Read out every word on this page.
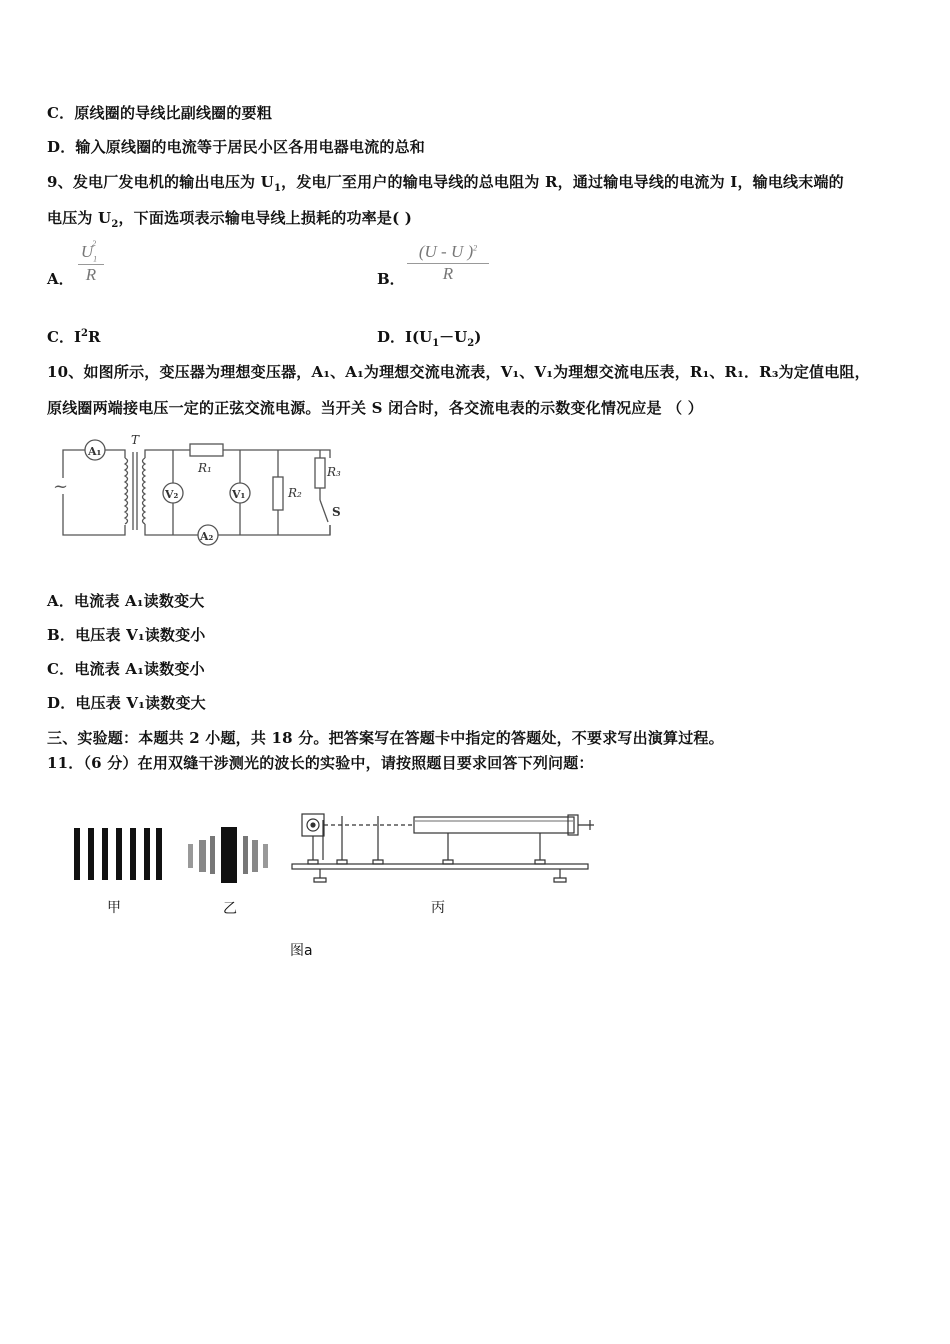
C．原线圈的导线比副线圈的要粗
D．输入原线圈的电流等于居民小区各用电器电流的总和
9、发电厂发电机的输出电压为 $U_1$，发电厂至用户的输电导线的总电阻为 R，通过输电导线的电流为 I，输电线末端的
电压为 $U_2$，下面选项表示输电导线上损耗的功率是( )
A． $\frac{U_1^2}{R}$	B． $\frac{(U - U )^2}{R}$
C．$I^2R$	D．$I(U_1-U_2)$
10、如图所示，变压器为理想变压器，A₁、A₁为理想交流电流表，V₁、V₁为理想交流电压表，R₁、R₁．R₃为定值电阻，
原线圈两端接电压一定的正弦交流电源。当开关 S 闭合时，各交流电表的示数变化情况应是 （ ）
A₁
~
T
R₁
A₂
V₂	V₁	R₂
R₃
S
A．电流表 A₁读数变大
B．电压表 V₁读数变小
C．电流表 A₁读数变小
D．电压表 V₁读数变大
三、实验题：本题共 2 小题，共 18 分。把答案写在答题卡中指定的答题处，不要求写出演算过程。
11．（6 分）在用双缝干涉测光的波长的实验中，请按照题目要求回答下列问题：
甲	乙	丙
图a
